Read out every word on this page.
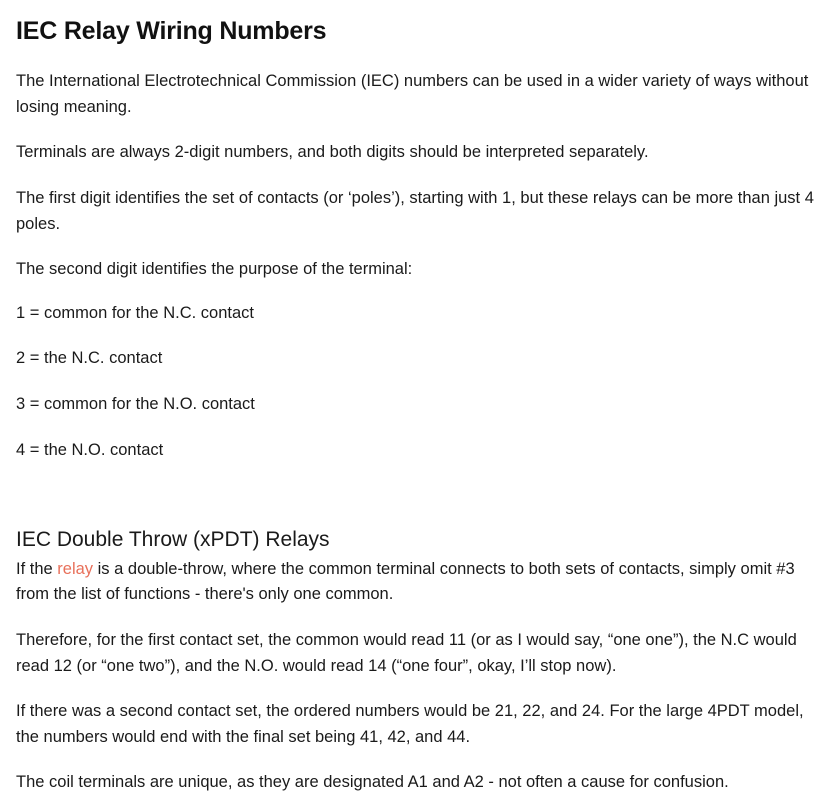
IEC Relay Wiring Numbers

The International Electrotechnical Commission (IEC) numbers can be used in a wider variety of ways without losing meaning.

Terminals are always 2-digit numbers, and both digits should be interpreted separately.

The first digit identifies the set of contacts (or ‘poles’), starting with 1, but these relays can be more than just 4 poles.

The second digit identifies the purpose of the terminal:

1 = common for the N.C. contact

2 = the N.C. contact

3 = common for the N.O. contact

4 = the N.O. contact

IEC Double Throw (xPDT) Relays

If the relay is a double-throw, where the common terminal connects to both sets of contacts, simply omit #3 from the list of functions - there's only one common.

Therefore, for the first contact set, the common would read 11 (or as I would say, “one one”), the N.C would read 12 (or “one two”), and the N.O. would read 14 (“one four”, okay, I’ll stop now).

If there was a second contact set, the ordered numbers would be 21, 22, and 24. For the large 4PDT model, the numbers would end with the final set being 41, 42, and 44.

The coil terminals are unique, as they are designated A1 and A2 - not often a cause for confusion.
